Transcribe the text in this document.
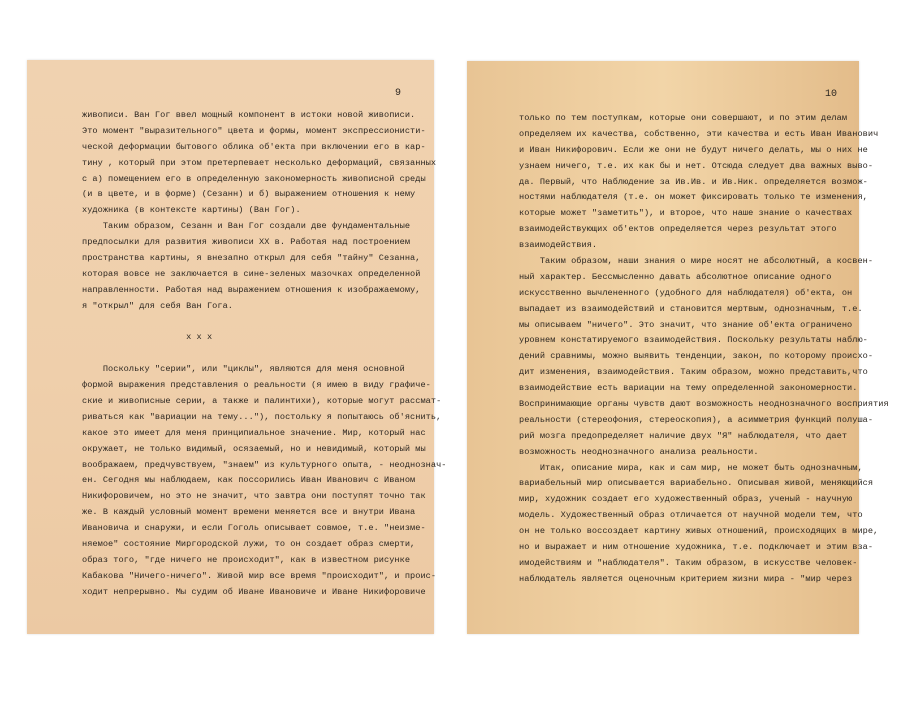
9
живописи. Ван Гог ввел мощный компонент в истоки новой живописи.
Это момент "выразительного" цвета и формы, момент экспрессионисти-
ческой деформации бытового облика об'екта при включении его в кар-
тину , который при этом претерпевает несколько деформаций, связанных
с а) помещением его в определенную закономерность живописной среды
(и в цвете, и в форме) (Сезанн) и б) выражением отношения к нему
художника (в контексте картины) (Ван Гог).
Таким образом, Сезанн и Ван Гог создали две фундаментальные
предпосылки для развития живописи XX в. Работая над построением
пространства картины, я внезапно открыл для себя "тайну" Сезанна,
которая вовсе не заключается в сине-зеленых мазочках определенной
направленности. Работая над выражением отношения к изображаемому,
я "открыл" для себя Ван Гога.
x x x
Поскольку "серии", или "циклы", являются для меня основной
формой выражения представления о реальности (я имею в виду графиче-
ские и живописные серии, а также и палинтихи), которые могут рассмат-
риваться как "вариации на тему..."), постольку я попытаюсь об'яснить,
какое это имеет для меня принципиальное значение. Мир, который нас
окружает, не только видимый, осязаемый, но и невидимый, который мы
воображаем, предчувствуем, "знаем" из культурного опыта, - неоднознач-
ен. Сегодня мы наблюдаем, как поссорились Иван Иванович с Иваном
Никифоровичем, но это не значит, что завтра они поступят точно так
же. В каждый условный момент времени меняется все и внутри Ивана
Ивановича и снаружи, и если Гоголь описывает совмое, т.е. "неизме-
няемое" состояние Миргородской лужи, то он создает образ смерти,
образ того, "где ничего не происходит", как в известном рисунке
Кабакова "Ничего-ничего". Живой мир все время "происходит", и проис-
ходит непрерывно. Мы судим об Иване Ивановиче и Иване Никифоровиче
10
только по тем поступкам, которые они совершают, и по этим делам
определяем их качества, собственно, эти качества и есть Иван Иванович
и Иван Никифорович. Если же они не будут ничего делать, мы о них не
узнаем ничего, т.е. их как бы и нет. Отсюда следует два важных выво-
да. Первый, что Наблюдение за Ив.Ив. и Ив.Ник. определяется возмож-
ностями наблюдателя (т.е. он может фиксировать только те изменения,
которые может "заметить"), и второе, что наше знание о качествах
взаимодействующих об'ектов определяется через результат этого
взаимодействия.
Таким образом, наши знания о мире носят не абсолютный, а косвен-
ный характер. Бессмысленно давать абсолютное описание одного
искусственно вычлененного (удобного для наблюдателя) об'екта, он
выпадает из взаимодействий и становится мертвым, однозначным, т.е.
мы описываем "ничего". Это значит, что знание об'екта ограничено
уровнем констатируемого взаимодействия. Поскольку результаты наблю-
дений сравнимы, можно выявить тенденции, закон, по которому происхо-
дит изменения, взаимодействия. Таким образом, можно представить,что
взаимодействие есть вариации на тему определенной закономерности.
Воспринимающие органы чувств дают возможность неоднозначного восприятия
реальности (стереофония, стереоскопия), а асимметрия функций полуша-
рий мозга предопределяет наличие двух "Я" наблюдателя, что дает
возможность неоднозначного анализа реальности.
Итак, описание мира, как и сам мир, не может быть однозначным,
вариабельный мир описывается вариабельно. Описывая живой, меняющийся
мир, художник создает его художественный образ, ученый - научную
модель. Художественный образ отличается от научной модели тем, что
он не только воссоздает картину живых отношений, происходящих в мире,
но и выражает и ним отношение художника, т.е. подключает и этим вза-
имодействиям и "наблюдателя". Таким образом, в искусстве человек-
наблюдатель является оценочным критерием жизни мира - "мир через
